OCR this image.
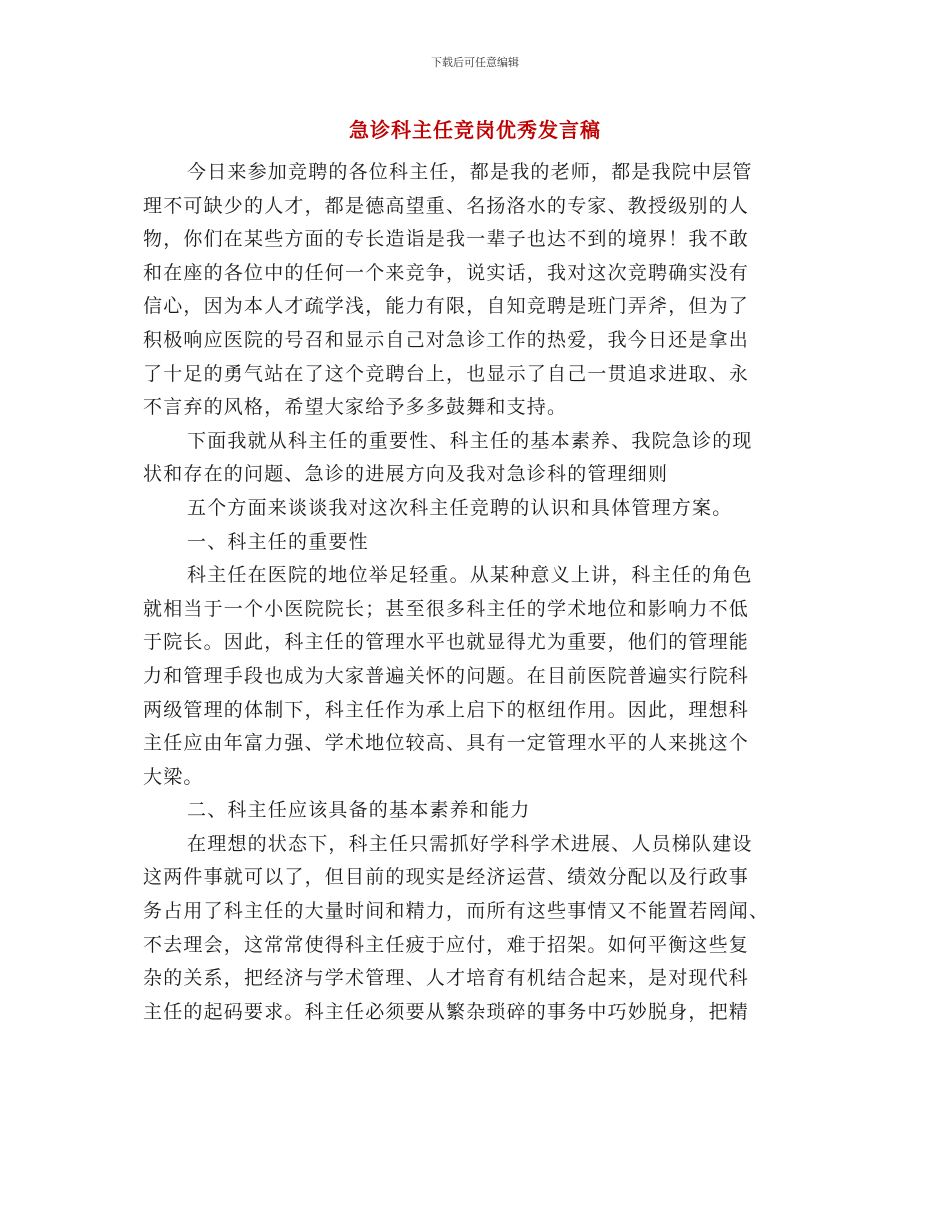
下载后可任意编辑
急诊科主任竞岗优秀发言稿
今日来参加竞聘的各位科主任，都是我的老师，都是我院中层管
理不可缺少的人才，都是德高望重、名扬洛水的专家、教授级别的人
物，你们在某些方面的专长造诣是我一辈子也达不到的境界！我不敢
和在座的各位中的任何一个来竞争，说实话，我对这次竞聘确实没有
信心，因为本人才疏学浅，能力有限，自知竞聘是班门弄斧，但为了
积极响应医院的号召和显示自己对急诊工作的热爱，我今日还是拿出
了十足的勇气站在了这个竞聘台上，也显示了自己一贯追求进取、永
不言弃的风格，希望大家给予多多鼓舞和支持。
下面我就从科主任的重要性、科主任的基本素养、我院急诊的现
状和存在的问题、急诊的进展方向及我对急诊科的管理细则
五个方面来谈谈我对这次科主任竞聘的认识和具体管理方案。
一、科主任的重要性
科主任在医院的地位举足轻重。从某种意义上讲，科主任的角色
就相当于一个小医院院长；甚至很多科主任的学术地位和影响力不低
于院长。因此，科主任的管理水平也就显得尤为重要，他们的管理能
力和管理手段也成为大家普遍关怀的问题。在目前医院普遍实行院科
两级管理的体制下，科主任作为承上启下的枢纽作用。因此，理想科
主任应由年富力强、学术地位较高、具有一定管理水平的人来挑这个
大梁。
二、科主任应该具备的基本素养和能力
在理想的状态下，科主任只需抓好学科学术进展、人员梯队建设
这两件事就可以了，但目前的现实是经济运营、绩效分配以及行政事
务占用了科主任的大量时间和精力，而所有这些事情又不能置若罔闻、
不去理会，这常常使得科主任疲于应付，难于招架。如何平衡这些复
杂的关系，把经济与学术管理、人才培育有机结合起来，是对现代科
主任的起码要求。科主任必须要从繁杂琐碎的事务中巧妙脱身，把精
